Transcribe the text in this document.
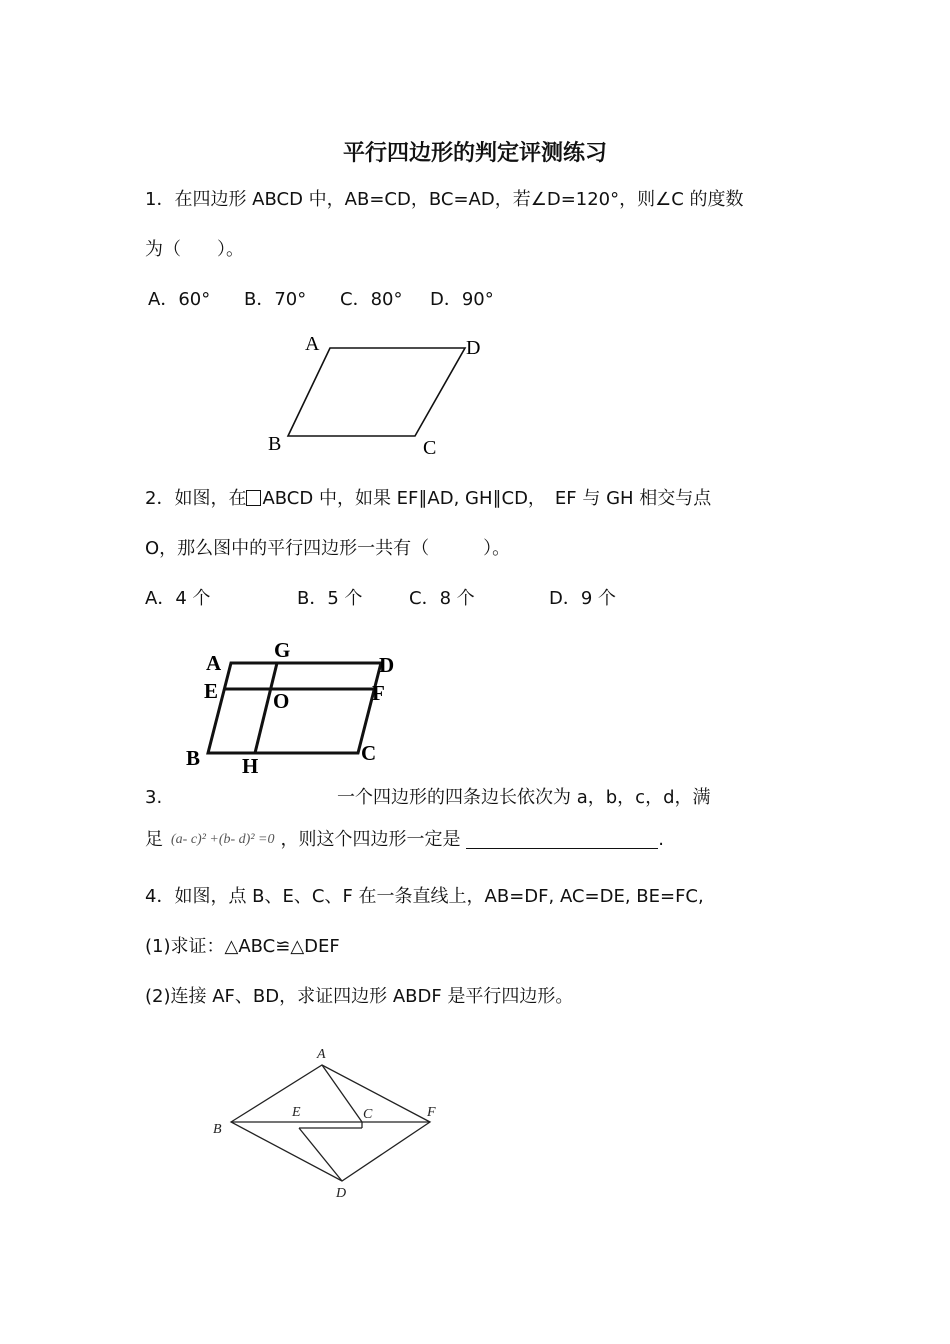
平行四边形的判定评测练习
1．在四边形 ABCD 中，AB=CD，BC=AD，若∠D=120°，则∠C 的度数
为（　　）。
A．60° B．70° C．80° D．90°
A	D
B	C
2．如图，在 ABCD 中，如果 EF∥AD, GH∥CD，　EF 与 GH 相交与点
O，那么图中的平行四边形一共有（　　　）。
A．4 个	B．5 个	C．8 个	D．9 个
A
G
D
E	F
O
B H
C
3.	一个四边形的四条边长依次为 a，b，c，d，满
足 (a- c)² +(b- d)² =0 ，则这个四边形一定是	.
4．如图，点 B、E、C、F 在一条直线上，AB=DF, AC=DE, BE=FC,
(1)求证：△ABC≌△DEF
(2)连接 AF、BD，求证四边形 ABDF 是平行四边形。
A
B
E	C	F
D
